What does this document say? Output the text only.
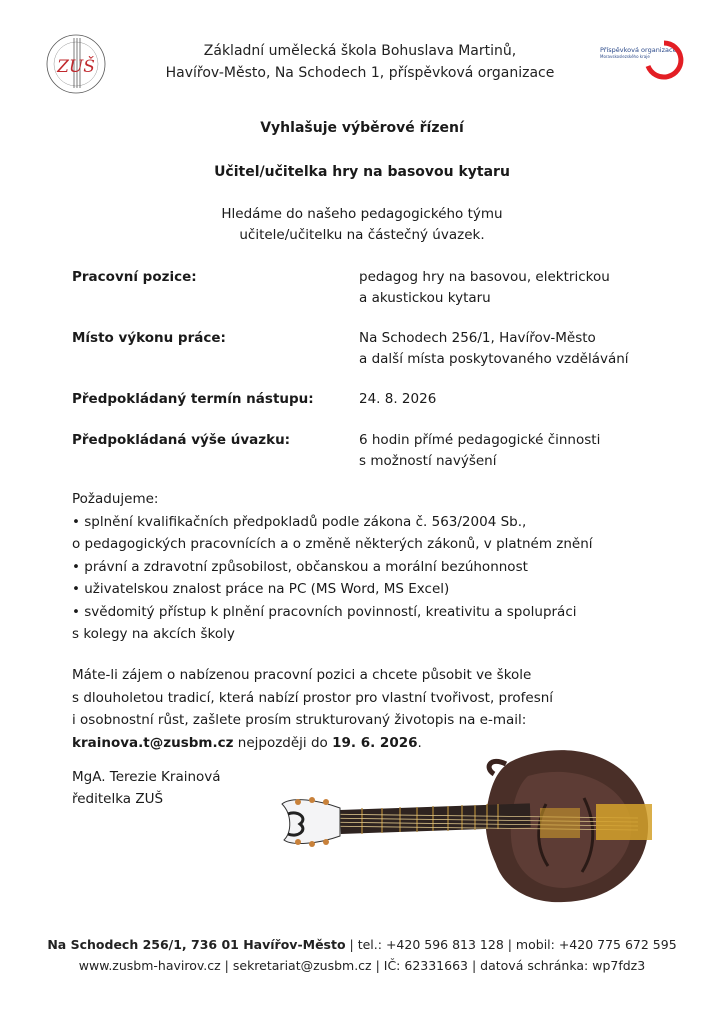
ZUŠ
Základní umělecká škola Bohuslava Martinů,
Havířov-Město, Na Schodech 1, příspěvková organizace
Příspěvková organizace
Moravskoslezského kraje
Vyhlašuje výběrové řízení
Učitel/učitelka hry na basovou kytaru
Hledáme do našeho pedagogického týmu
učitele/učitelku na částečný úvazek.
Pracovní pozice:	pedagog hry na basovou, elektrickou
a akustickou kytaru
Místo výkonu práce:	Na Schodech 256/1, Havířov-Město
a další místa poskytovaného vzdělávání
Předpokládaný termín nástupu:	24. 8. 2026
Předpokládaná výše úvazku:	6 hodin přímé pedagogické činnosti
s možností navýšení

Požadujeme:

• splnění kvalifikačních předpokladů podle zákona č. 563/2004 Sb.,

o pedagogických pracovnících a o změně některých zákonů, v platném znění

• právní a zdravotní způsobilost, občanskou a morální bezúhonnost

• uživatelskou znalost práce na PC (MS Word, MS Excel)

• svědomitý přístup k plnění pracovních povinností, kreativitu a spolupráci

s kolegy na akcích školy

Máte-li zájem o nabízenou pracovní pozici a chcete působit ve škole

s dlouholetou tradicí, která nabízí prostor pro vlastní tvořivost, profesní

i osobnostní růst, zašlete prosím strukturovaný životopis na e-mail:

krainova.t@zusbm.cz nejpozději do 19. 6. 2026.

MgA. Terezie Krainová
ředitelka ZUŠ
Na Schodech 256/1, 736 01 Havířov-Město | tel.: +420 596 813 128 | mobil: +420 775 672 595
www.zusbm-havirov.cz | sekretariat@zusbm.cz | IČ: 62331663 | datová schránka: wp7fdz3
